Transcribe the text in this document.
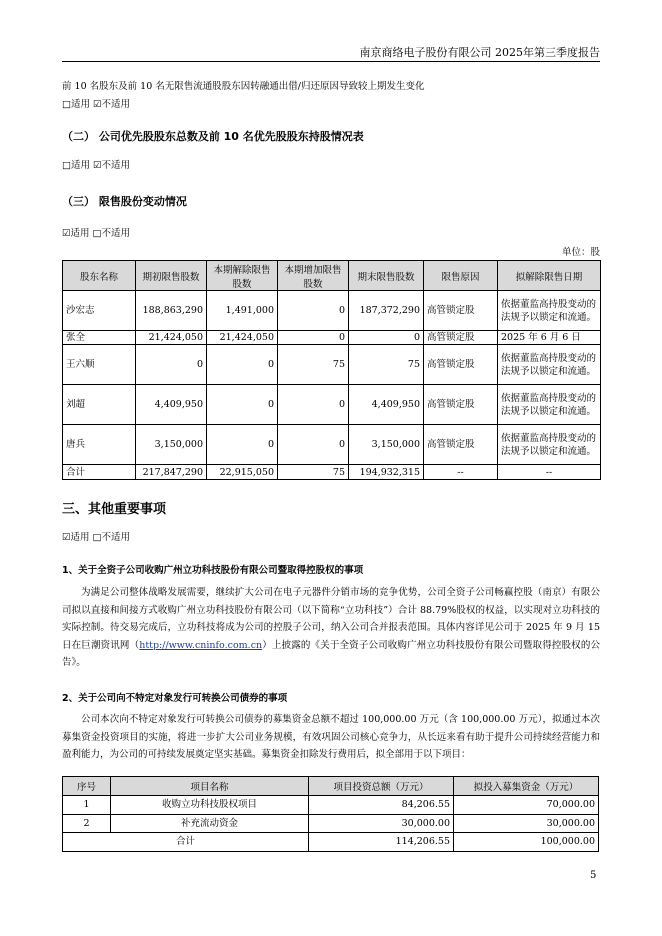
南京商络电子股份有限公司 2025年第三季度报告
前 10 名股东及前 10 名无限售流通股股东因转融通出借/归还原因导致较上期发生变化
□适用 ☑不适用
（二） 公司优先股股东总数及前 10 名优先股股东持股情况表
□适用 ☑不适用
（三） 限售股份变动情况
☑适用 □不适用
单位：股
股东名称	期初限售股数	本期解除限售股数	本期增加限售股数	期末限售股数	限售原因	拟解除限售日期
沙宏志	188,863,290	1,491,000	0	187,372,290	高管锁定股	依据董监高持股变动的法规予以锁定和流通。
张全	21,424,050	21,424,050	0	0	高管锁定股	2025 年 6 月 6 日
王六顺	0	0	75	75	高管锁定股	依据董监高持股变动的法规予以锁定和流通。
刘超	4,409,950	0	0	4,409,950	高管锁定股	依据董监高持股变动的法规予以锁定和流通。
唐兵	3,150,000	0	0	3,150,000	高管锁定股	依据董监高持股变动的法规予以锁定和流通。
合计	217,847,290	22,915,050	75	194,932,315	--	--
三、其他重要事项
☑适用 □不适用
1、关于全资子公司收购广州立功科技股份有限公司暨取得控股权的事项
为满足公司整体战略发展需要，继续扩大公司在电子元器件分销市场的竞争优势，公司全资子公司畅赢控股（南京）有限公司拟以直接和间接方式收购广州立功科技股份有限公司（以下简称“立功科技”）合计 88.79%股权的权益，以实现对立功科技的实际控制。待交易完成后，立功科技将成为公司的控股子公司，纳入公司合并报表范围。具体内容详见公司于 2025 年 9 月 15 日在巨潮资讯网（http://www.cninfo.com.cn）上披露的《关于全资子公司收购广州立功科技股份有限公司暨取得控股权的公告》。
2、关于公司向不特定对象发行可转换公司债券的事项
公司本次向不特定对象发行可转换公司债券的募集资金总额不超过 100,000.00 万元（含 100,000.00 万元），拟通过本次募集资金投资项目的实施，将进一步扩大公司业务规模，有效巩固公司核心竞争力，从长远来看有助于提升公司持续经营能力和盈利能力，为公司的可持续发展奠定坚实基础。募集资金扣除发行费用后，拟全部用于以下项目：
序号	项目名称	项目投资总额（万元）	拟投入募集资金（万元）
1	收购立功科技股权项目	84,206.55	70,000.00
2	补充流动资金	30,000.00	30,000.00
合计		114,206.55	100,000.00
5
